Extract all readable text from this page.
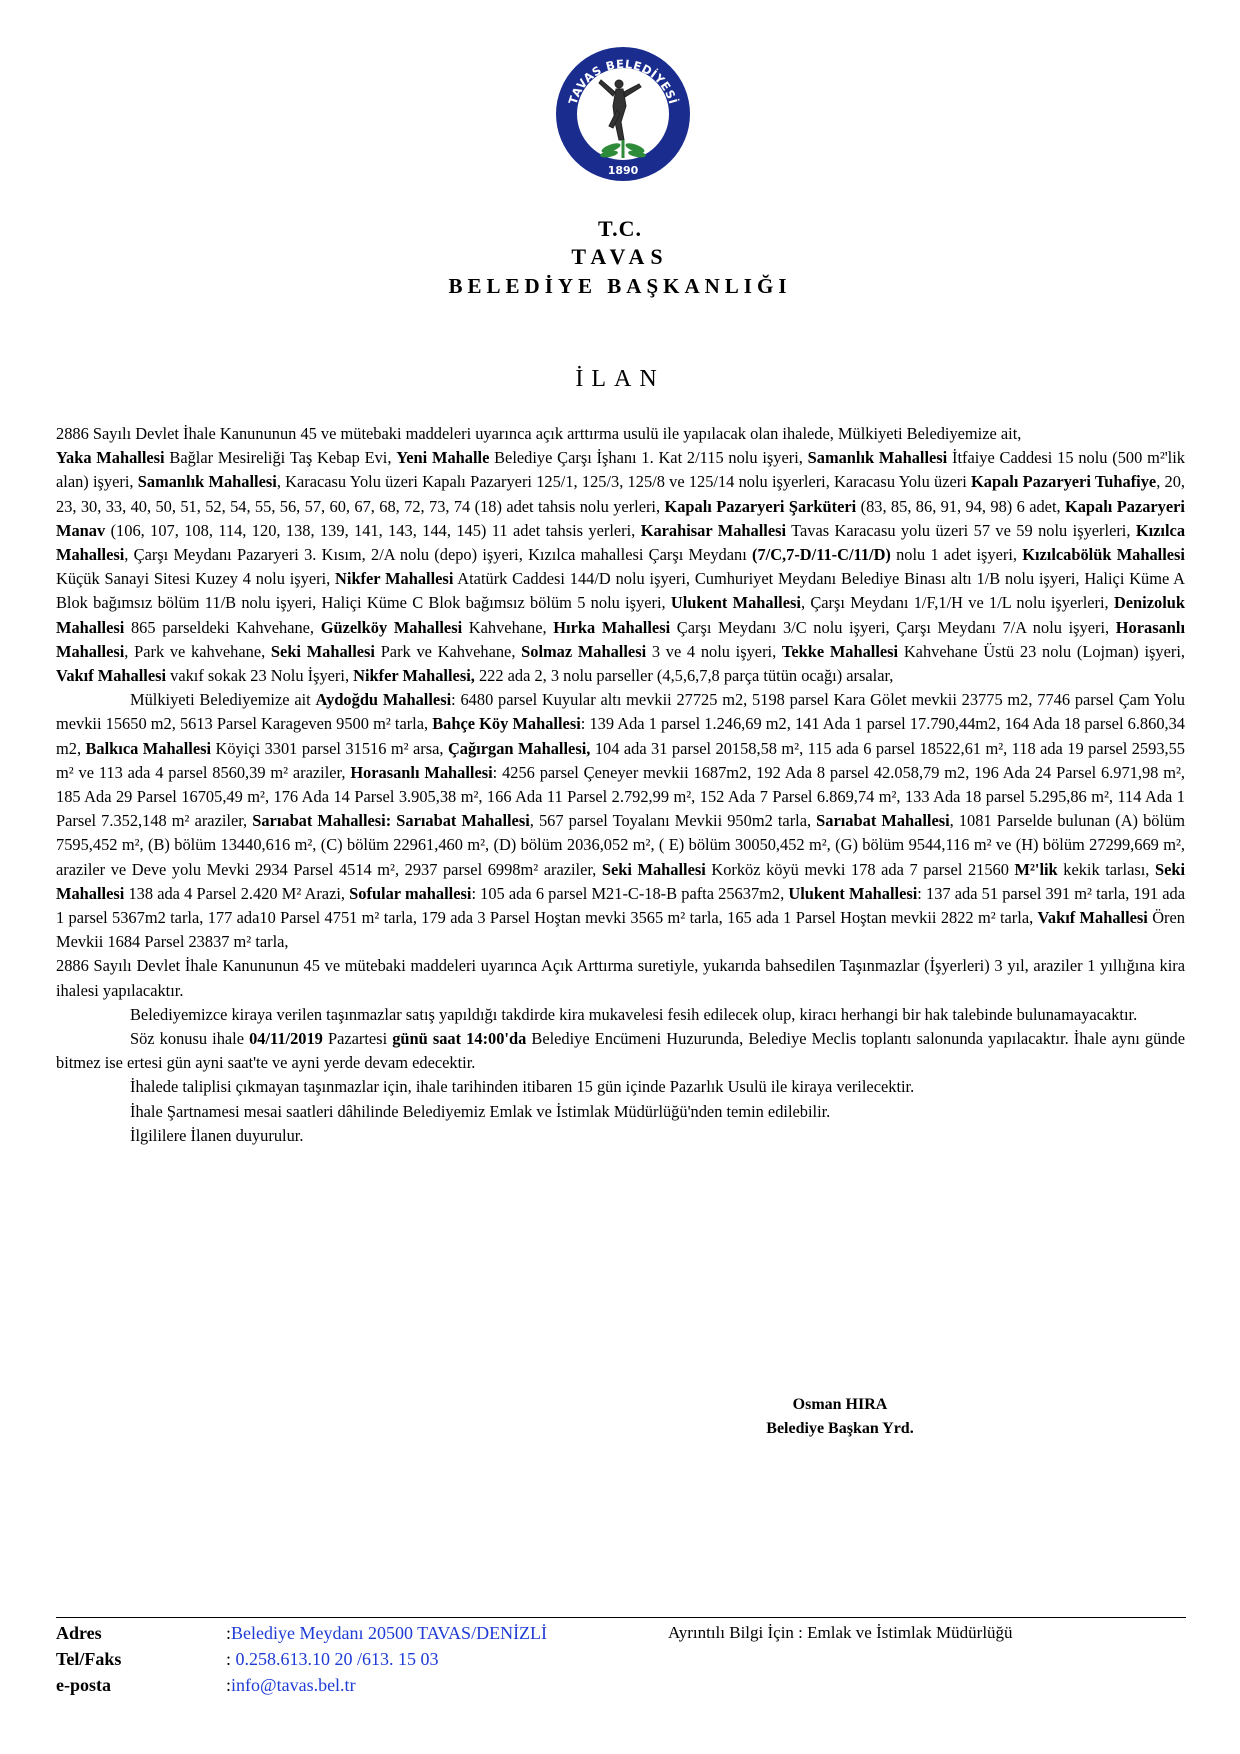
TAVAS BELEDİYESİ
1890
T.C.
TAVAS
BELEDİYE BAŞKANLIĞI
İLAN

2886 Sayılı Devlet İhale Kanununun 45 ve mütebaki maddeleri uyarınca açık arttırma usulü ile yapılacak olan ihalede, Mülkiyeti Belediyemize ait,

Yaka Mahallesi Bağlar Mesireliği Taş Kebap Evi, Yeni Mahalle Belediye Çarşı İşhanı 1. Kat 2/115 nolu işyeri, Samanlık Mahallesi İtfaiye Caddesi 15 nolu (500 m²'lik alan) işyeri, Samanlık Mahallesi, Karacasu Yolu üzeri Kapalı Pazaryeri 125/1, 125/3, 125/8 ve 125/14 nolu işyerleri, Karacasu Yolu üzeri Kapalı Pazaryeri Tuhafiye, 20, 23, 30, 33, 40, 50, 51, 52, 54, 55, 56, 57, 60, 67, 68, 72, 73, 74 (18) adet tahsis nolu yerleri, Kapalı Pazaryeri Şarküteri (83, 85, 86, 91, 94, 98) 6 adet, Kapalı Pazaryeri Manav (106, 107, 108, 114, 120, 138, 139, 141, 143, 144, 145) 11 adet tahsis yerleri, Karahisar Mahallesi Tavas Karacasu yolu üzeri 57 ve 59 nolu işyerleri, Kızılca Mahallesi, Çarşı Meydanı Pazaryeri 3. Kısım, 2/A nolu (depo) işyeri, Kızılca mahallesi Çarşı Meydanı (7/C,7-D/11-C/11/D) nolu 1 adet işyeri, Kızılcabölük Mahallesi Küçük Sanayi Sitesi Kuzey 4 nolu işyeri, Nikfer Mahallesi Atatürk Caddesi 144/D nolu işyeri, Cumhuriyet Meydanı Belediye Binası altı 1/B nolu işyeri, Haliçi Küme A Blok bağımsız bölüm 11/B nolu işyeri, Haliçi Küme C Blok bağımsız bölüm 5 nolu işyeri, Ulukent Mahallesi, Çarşı Meydanı 1/F,1/H ve 1/L nolu işyerleri, Denizoluk Mahallesi 865 parseldeki Kahvehane, Güzelköy Mahallesi Kahvehane, Hırka Mahallesi Çarşı Meydanı 3/C nolu işyeri, Çarşı Meydanı 7/A nolu işyeri, Horasanlı Mahallesi, Park ve kahvehane, Seki Mahallesi Park ve Kahvehane, Solmaz Mahallesi 3 ve 4 nolu işyeri, Tekke Mahallesi Kahvehane Üstü 23 nolu (Lojman) işyeri, Vakıf Mahallesi vakıf sokak 23 Nolu İşyeri, Nikfer Mahallesi, 222 ada 2, 3 nolu parseller (4,5,6,7,8 parça tütün ocağı) arsalar,

Mülkiyeti Belediyemize ait Aydoğdu Mahallesi: 6480 parsel Kuyular altı mevkii 27725 m2, 5198 parsel Kara Gölet mevkii 23775 m2, 7746 parsel Çam Yolu mevkii 15650 m2, 5613 Parsel Karageven 9500 m² tarla, Bahçe Köy Mahallesi: 139 Ada 1 parsel 1.246,69 m2, 141 Ada 1 parsel 17.790,44m2, 164 Ada 18 parsel 6.860,34 m2, Balkıca Mahallesi Köyiçi 3301 parsel 31516 m² arsa, Çağırgan Mahallesi, 104 ada 31 parsel 20158,58 m², 115 ada 6 parsel 18522,61 m², 118 ada 19 parsel 2593,55 m² ve 113 ada 4 parsel 8560,39 m² araziler, Horasanlı Mahallesi: 4256 parsel Çeneyer mevkii 1687m2, 192 Ada 8 parsel 42.058,79 m2, 196 Ada 24 Parsel 6.971,98 m², 185 Ada 29 Parsel 16705,49 m², 176 Ada 14 Parsel 3.905,38 m², 166 Ada 11 Parsel 2.792,99 m², 152 Ada 7 Parsel 6.869,74 m², 133 Ada 18 parsel 5.295,86 m², 114 Ada 1 Parsel 7.352,148 m² araziler, Sarıabat Mahallesi: Sarıabat Mahallesi, 567 parsel Toyalanı Mevkii 950m2 tarla, Sarıabat Mahallesi, 1081 Parselde bulunan (A) bölüm 7595,452 m², (B) bölüm 13440,616 m², (C) bölüm 22961,460 m², (D) bölüm 2036,052 m², ( E) bölüm 30050,452 m², (G) bölüm 9544,116 m² ve (H) bölüm 27299,669 m², araziler ve Deve yolu Mevki 2934 Parsel 4514 m², 2937 parsel 6998m² araziler, Seki Mahallesi Korköz köyü mevki 178 ada 7 parsel 21560 M²'lik kekik tarlası, Seki Mahallesi 138 ada 4 Parsel 2.420 M² Arazi, Sofular mahallesi: 105 ada 6 parsel M21-C-18-B pafta 25637m2, Ulukent Mahallesi: 137 ada 51 parsel 391 m² tarla, 191 ada 1 parsel 5367m2 tarla, 177 ada10 Parsel 4751 m² tarla, 179 ada 3 Parsel Hoştan mevki 3565 m² tarla, 165 ada 1 Parsel Hoştan mevkii 2822 m² tarla, Vakıf Mahallesi Ören Mevkii 1684 Parsel 23837 m² tarla,

2886 Sayılı Devlet İhale Kanununun 45 ve mütebaki maddeleri uyarınca Açık Arttırma suretiyle, yukarıda bahsedilen Taşınmazlar (İşyerleri) 3 yıl, araziler 1 yıllığına kira ihalesi yapılacaktır.

Belediyemizce kiraya verilen taşınmazlar satış yapıldığı takdirde kira mukavelesi fesih edilecek olup, kiracı herhangi bir hak talebinde bulunamayacaktır.

Söz konusu ihale 04/11/2019 Pazartesi günü saat 14:00'da Belediye Encümeni Huzurunda, Belediye Meclis toplantı salonunda yapılacaktır. İhale aynı günde bitmez ise ertesi gün ayni saat'te ve ayni yerde devam edecektir.

İhalede taliplisi çıkmayan taşınmazlar için, ihale tarihinden itibaren 15 gün içinde Pazarlık Usulü ile kiraya verilecektir.

İhale Şartnamesi mesai saatleri dâhilinde Belediyemiz Emlak ve İstimlak Müdürlüğü'nden temin edilebilir.

İlgililere İlanen duyurulur.

Osman HIRA
Belediye Başkan Yrd.
Adres	:Belediye Meydanı 20500 TAVAS/DENİZLİ	Ayrıntılı Bilgi İçin : Emlak ve İstimlak Müdürlüğü
Tel/Faks	: 0.258.613.10 20 /613. 15 03
e-posta	:info@tavas.bel.tr
